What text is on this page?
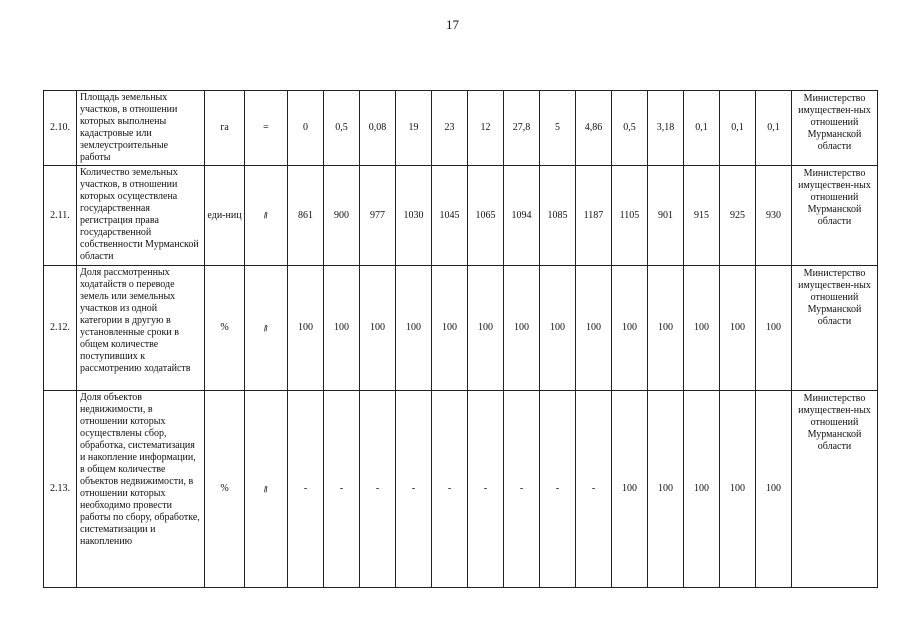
17
2.10.	Площадь земельных участков, в отношении которых выполнены кадастровые или землеустроительные работы	га	=	0	0,5	0,08	19	23	12	27,8	5	4,86	0,5	3,18	0,1	0,1	0,1	Министерство имуществен-ных отношений Мурманской области
2.11.	Количество земельных участков, в отношении которых осуществлена государственная регистрация права государственной собственности Мурманской области	еди-ниц	⇗	861	900	977	1030	1045	1065	1094	1085	1187	1105	901	915	925	930	Министерство имуществен-ных отношений Мурманской области
2.12.	Доля рассмотренных ходатайств о переводе земель или земельных участков из одной категории в другую в установленные сроки в общем количестве поступивших к рассмотрению ходатайств	%	⇗	100	100	100	100	100	100	100	100	100	100	100	100	100	100	Министерство имуществен-ных отношений Мурманской области
2.13.	Доля объектов недвижимости, в отношении которых осуществлены сбор, обработка, систематизация и накопление информации, в общем количестве объектов недвижимости, в отношении которых необходимо провести работы по сбору, обработке, систематизации и накоплению	%	⇗	-	-	-	-	-	-	-	-	-	100	100	100	100	100	Министерство имуществен-ных отношений Мурманской области
